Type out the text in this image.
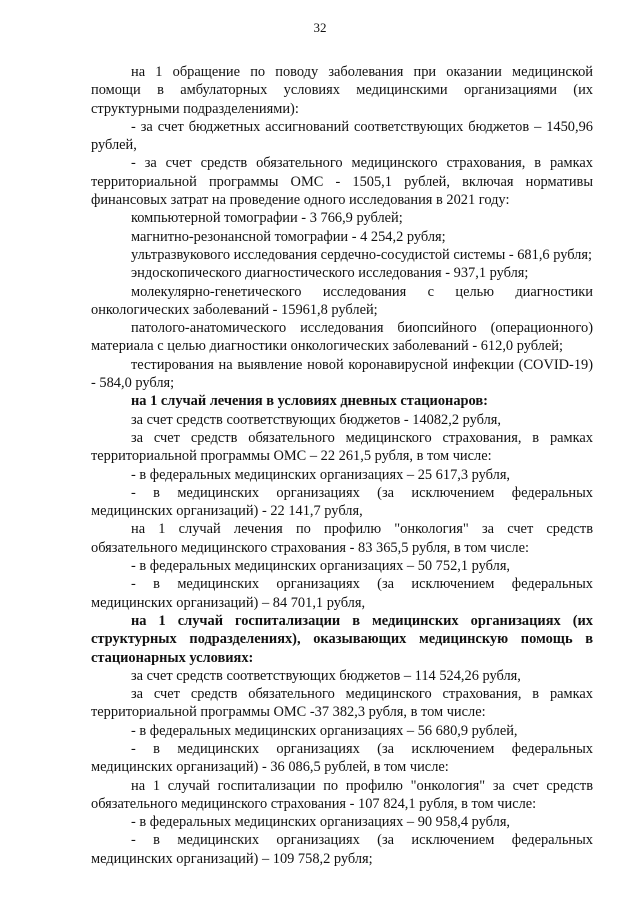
32

на 1 обращение по поводу заболевания при оказании медицинской помощи в амбулаторных условиях медицинскими организациями (их структурными подразделениями):

- за счет бюджетных ассигнований соответствующих бюджетов – 1450,96 рублей,

- за счет средств обязательного медицинского страхования, в рамках территориальной программы ОМС - 1505,1 рублей, включая нормативы финансовых затрат на проведение одного исследования в 2021 году:

компьютерной томографии - 3 766,9 рублей;

магнитно-резонансной томографии - 4 254,2 рубля;

ультразвукового исследования сердечно-сосудистой системы - 681,6 рубля;

эндоскопического диагностического исследования - 937,1 рубля;

молекулярно-генетического исследования с целью диагностики онкологических заболеваний - 15961,8 рублей;

патолого-анатомического исследования биопсийного (операционного) материала с целью диагностики онкологических заболеваний - 612,0 рублей;

тестирования на выявление новой коронавирусной инфекции (COVID-19) - 584,0 рубля;

на 1 случай лечения в условиях дневных стационаров:

за счет средств соответствующих бюджетов - 14082,2 рубля,

за счет средств обязательного медицинского страхования, в рамках территориальной программы ОМС – 22 261,5 рубля, в том числе:

- в федеральных медицинских организациях – 25 617,3 рубля,

- в медицинских организациях (за исключением федеральных медицинских организаций) - 22 141,7 рубля,

на 1 случай лечения по профилю "онкология" за счет средств обязательного медицинского страхования - 83 365,5 рубля, в том числе:

- в федеральных медицинских организациях – 50 752,1 рубля,

- в медицинских организациях (за исключением федеральных медицинских организаций) – 84 701,1 рубля,

на 1 случай госпитализации в медицинских организациях (их структурных подразделениях), оказывающих медицинскую помощь в стационарных условиях:

за счет средств соответствующих бюджетов – 114 524,26 рубля,

за счет средств обязательного медицинского страхования, в рамках территориальной программы ОМС -37 382,3 рубля, в том числе:

- в федеральных медицинских организациях – 56 680,9 рублей,

- в медицинских организациях (за исключением федеральных медицинских организаций) - 36 086,5 рублей, в том числе:

на 1 случай госпитализации по профилю "онкология" за счет средств обязательного медицинского страхования - 107 824,1 рубля, в том числе:

- в федеральных медицинских организациях – 90 958,4 рубля,

- в медицинских организациях (за исключением федеральных медицинских организаций) – 109 758,2 рубля;
